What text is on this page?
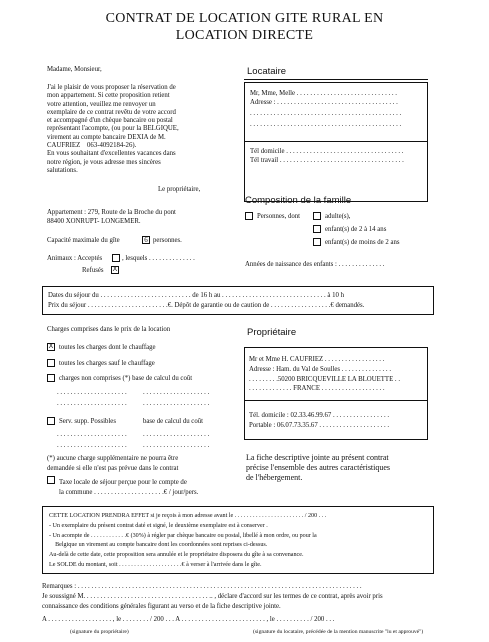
CONTRAT DE LOCATION GITE RURAL EN
LOCATION DIRECTE
Madame, Monsieur,
J'ai le plaisir de vous proposer la réservation de
mon appartement. Si cette proposition retient
votre attention, veuillez me renvoyer un
exemplaire de ce contrat revêtu de votre accord
et accompagné d'un chèque bancaire ou postal
représentant l'acompte, (ou pour la BELGIQUE,
virement au compte bancaire DEXIA de M.
CAUFRIEZ    063-4092184-26).
En vous souhaitant d'excellentes vacances dans
notre région, je vous adresse mes sincères
salutations.
Le propriétaire,
Locataire
Mr, Mme, Melle . . . . . . . . . . . . . . . . . . . . . . . . . . . . . .
Adresse : . . . . . . . . . . . . . . . . . . . . . . . . . . . . . . . . . . . .
. . . . . . . . . . . . . . . . . . . . . . . . . . . . . . . . . . . . . . . . . . . . .
. . . . . . . . . . . . . . . . . . . . . . . . . . . . . . . . . . . . . . . . . . . . .
Tél domicile . . . . . . . . . . . . . . . . . . . . . . . . . . . . . . . . . . .
Tél travail . . . . . . . . . . . . . . . . . . . . . . . . . . . . . . . . . . . . .
Appartement : 279, Route de la Broche du pont
88400 XONRUPT- LONGEMER.
Capacité maximale du gîte	6 personnes.
Animaux : Acceptés	, lesquels . . . . . . . . . . . . . .
Refusés X
Composition de la famille
Personnes, dont	adulte(s),
enfant(s) de 2 à 14 ans
enfant(s) de moins de 2 ans
Années de naissance des enfants : . . . . . . . . . . . . . .
Dates du séjour du . . . . . . . . . . . . . . . . . . . . . . . . . . . de 16 h au . . . . . . . . . . . . . . . . . . . . . . . . . . . . . . . à 10 h
Prix du séjour . . . . . . . . . . . . . . . . . . . . . . . .€. Dépôt de garantie ou de caution de . . . . . . . . . . . . . . . . . .€ demandés.
Charges comprises dans le prix de la location
X toutes les charges dont le chauffage
toutes les charges sauf le chauffage
charges non comprises (*) base de calcul du coût
. . . . . . . . . . . . . . . . . . . . . . . . . . . . . . . . . . . . . . . . .
. . . . . . . . . . . . . . . . . . . . . . . . . . . . . . . . . . . . . . . . .
Serv. supp. Possibles	base de calcul du coût
. . . . . . . . . . . . . . . . . . . . . . . . . . . . . . . . . . . . . . . . .
. . . . . . . . . . . . . . . . . . . . . . . . . . . . . . . . . . . . . . . . .
(*) aucune charge supplémentaire ne pourra être
demandée si elle n'est pas prévue dans le contrat
Taxe locale de séjour perçue pour le compte de
la commune . . . . . . . . . . . . . . . . . . . . .€ / jour/pers.
Propriétaire
Mr et Mme H. CAUFRIEZ . . . . . . . . . . . . . . . . . .
Adresse : Ham. du Val de Soulles . . . . . . . . . . . . . . .
. . . . . . . . .50200 BRICQUEVILLE LA BLOUETTE . .
. . . . . . . . . . . . . FRANCE . . . . . . . . . . . . . . . . . . .
Tél. domicile : 02.33.46.99.67 . . . . . . . . . . . . . . . . .
Portable : 06.07.73.35.67 . . . . . . . . . . . . . . . . . . . . .
La fiche descriptive jointe au présent contrat
précise l'ensemble des autres caractéristiques
de l'hébergement.
CETTE LOCATION PRENDRA EFFET si je reçois à mon adresse avant le . . . . . . . . . . . . . . . . . . . . . . . / 200 . . .
- Un exemplaire du présent contrat daté et signé, le deuxième exemplaire est à conserver .
- Un acompte de . . . . . . . . . . . .€ (30%) à régler par chèque bancaire ou postal, libellé à mon ordre, ou pour la
Belgique un virement au compte bancaire dont les coordonnées sont reprises ci-dessus.
Au-delà de cette date, cette proposition sera annulée et le propriétaire disposera du gîte à sa convenance.
Le SOLDE du montant, soit . . . . . . . . . . . . . . . . . . . . .€ à verser à l'arrivée dans le gîte.
Remarques : . . . . . . . . . . . . . . . . . . . . . . . . . . . . . . . . . . . . . . . . . . . . . . . . . . . . . . . . . . . . . . . . . . . . . . . . . . . . . . . . . . . .
Je soussigné M. . . . . . . . . . . . . . . . . . . . . . . . . . . . . . . . . . . . . .. , déclare d'accord sur les termes de ce contrat, après avoir pris
connaissance des conditions générales figurant au verso et de la fiche descriptive jointe.
A . . . . . . . . . . . . . . . . . . . , le . . . . . . . . / 200 . . . A . . . . . . . . . . . . . . . . . . . . . . . . . , le . . . . . . . . . . / 200 . . .
(signature du propriétaire)	(signature du locataire, précédée de la mention manuscrite "lu et approuvé")
